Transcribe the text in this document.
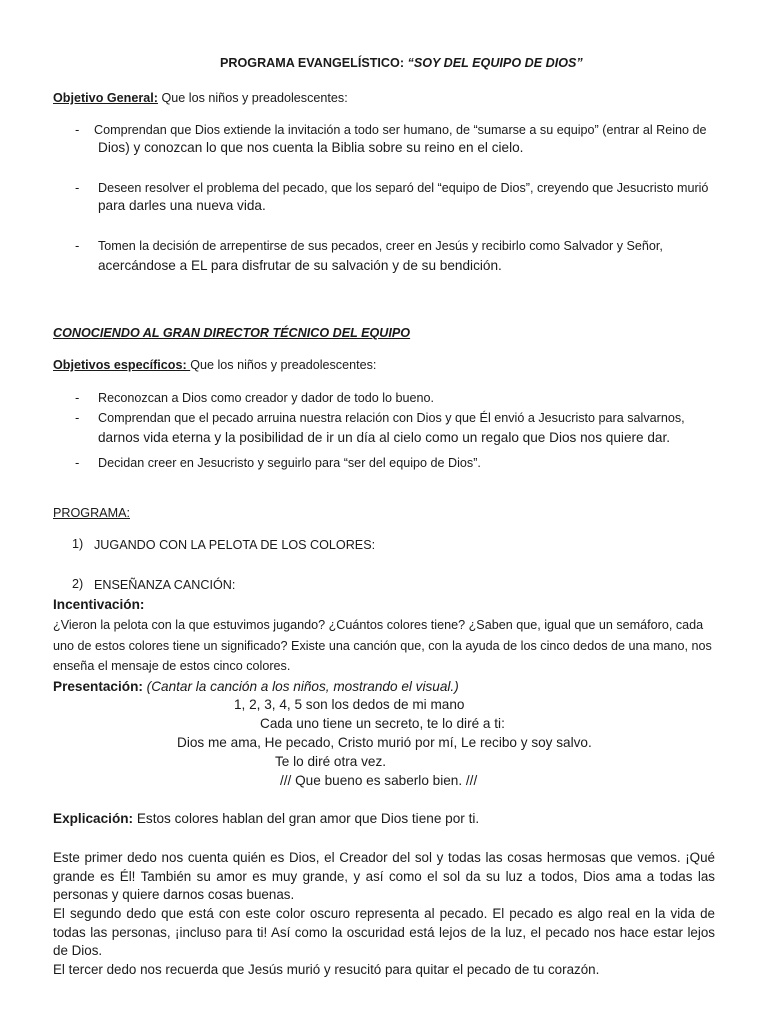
PROGRAMA EVANGELÍSTICO: “SOY DEL EQUIPO DE DIOS”
Objetivo General: Que los niños y preadolescentes:
- Comprendan que Dios extiende la invitación a todo ser humano, de “sumarse a su equipo” (entrar al Reino de
Dios) y conozcan lo que nos cuenta la Biblia sobre su reino en el cielo.
- Deseen resolver el problema del pecado, que los separó del “equipo de Dios”, creyendo que Jesucristo murió
para darles una nueva vida.
- Tomen la decisión de arrepentirse de sus pecados, creer en Jesús y recibirlo como Salvador y Señor,
acercándose a EL para disfrutar de su salvación y de su bendición.
CONOCIENDO AL GRAN DIRECTOR TÉCNICO DEL EQUIPO
Objetivos específicos: Que los niños y preadolescentes:
- Reconozcan a Dios como creador y dador de todo lo bueno.
- Comprendan que el pecado arruina nuestra relación con Dios y que Él envió a Jesucristo para salvarnos,
darnos vida eterna y la posibilidad de ir un día al cielo como un regalo que Dios nos quiere dar.
- Decidan creer en Jesucristo y seguirlo para “ser del equipo de Dios”.
PROGRAMA:
1) JUGANDO CON LA PELOTA DE LOS COLORES:
2) ENSEÑANZA CANCIÓN:
Incentivación:
¿Vieron la pelota con la que estuvimos jugando? ¿Cuántos colores tiene? ¿Saben que, igual que un semáforo, cada
uno de estos colores tiene un significado? Existe una canción que, con la ayuda de los cinco dedos de una mano, nos
enseña el mensaje de estos cinco colores.
Presentación: (Cantar la canción a los niños, mostrando el visual.)
1, 2, 3, 4, 5 son los dedos de mi mano
Cada uno tiene un secreto, te lo diré a ti:
Dios me ama, He pecado, Cristo murió por mí, Le recibo y soy salvo.
Te lo diré otra vez.
/// Que bueno es saberlo bien. ///
Explicación: Estos colores hablan del gran amor que Dios tiene por ti.
Este primer dedo nos cuenta quién es Dios, el Creador del sol y todas las cosas hermosas que vemos. ¡Qué grande es Él! También su amor es muy grande, y así como el sol da su luz a todos, Dios ama a todas las personas y quiere darnos cosas buenas.
El segundo dedo que está con este color oscuro representa al pecado. El pecado es algo real en la vida de todas las personas, ¡incluso para ti! Así como la oscuridad está lejos de la luz, el pecado nos hace estar lejos de Dios.
El tercer dedo nos recuerda que Jesús murió y resucitó para quitar el pecado de tu corazón.
